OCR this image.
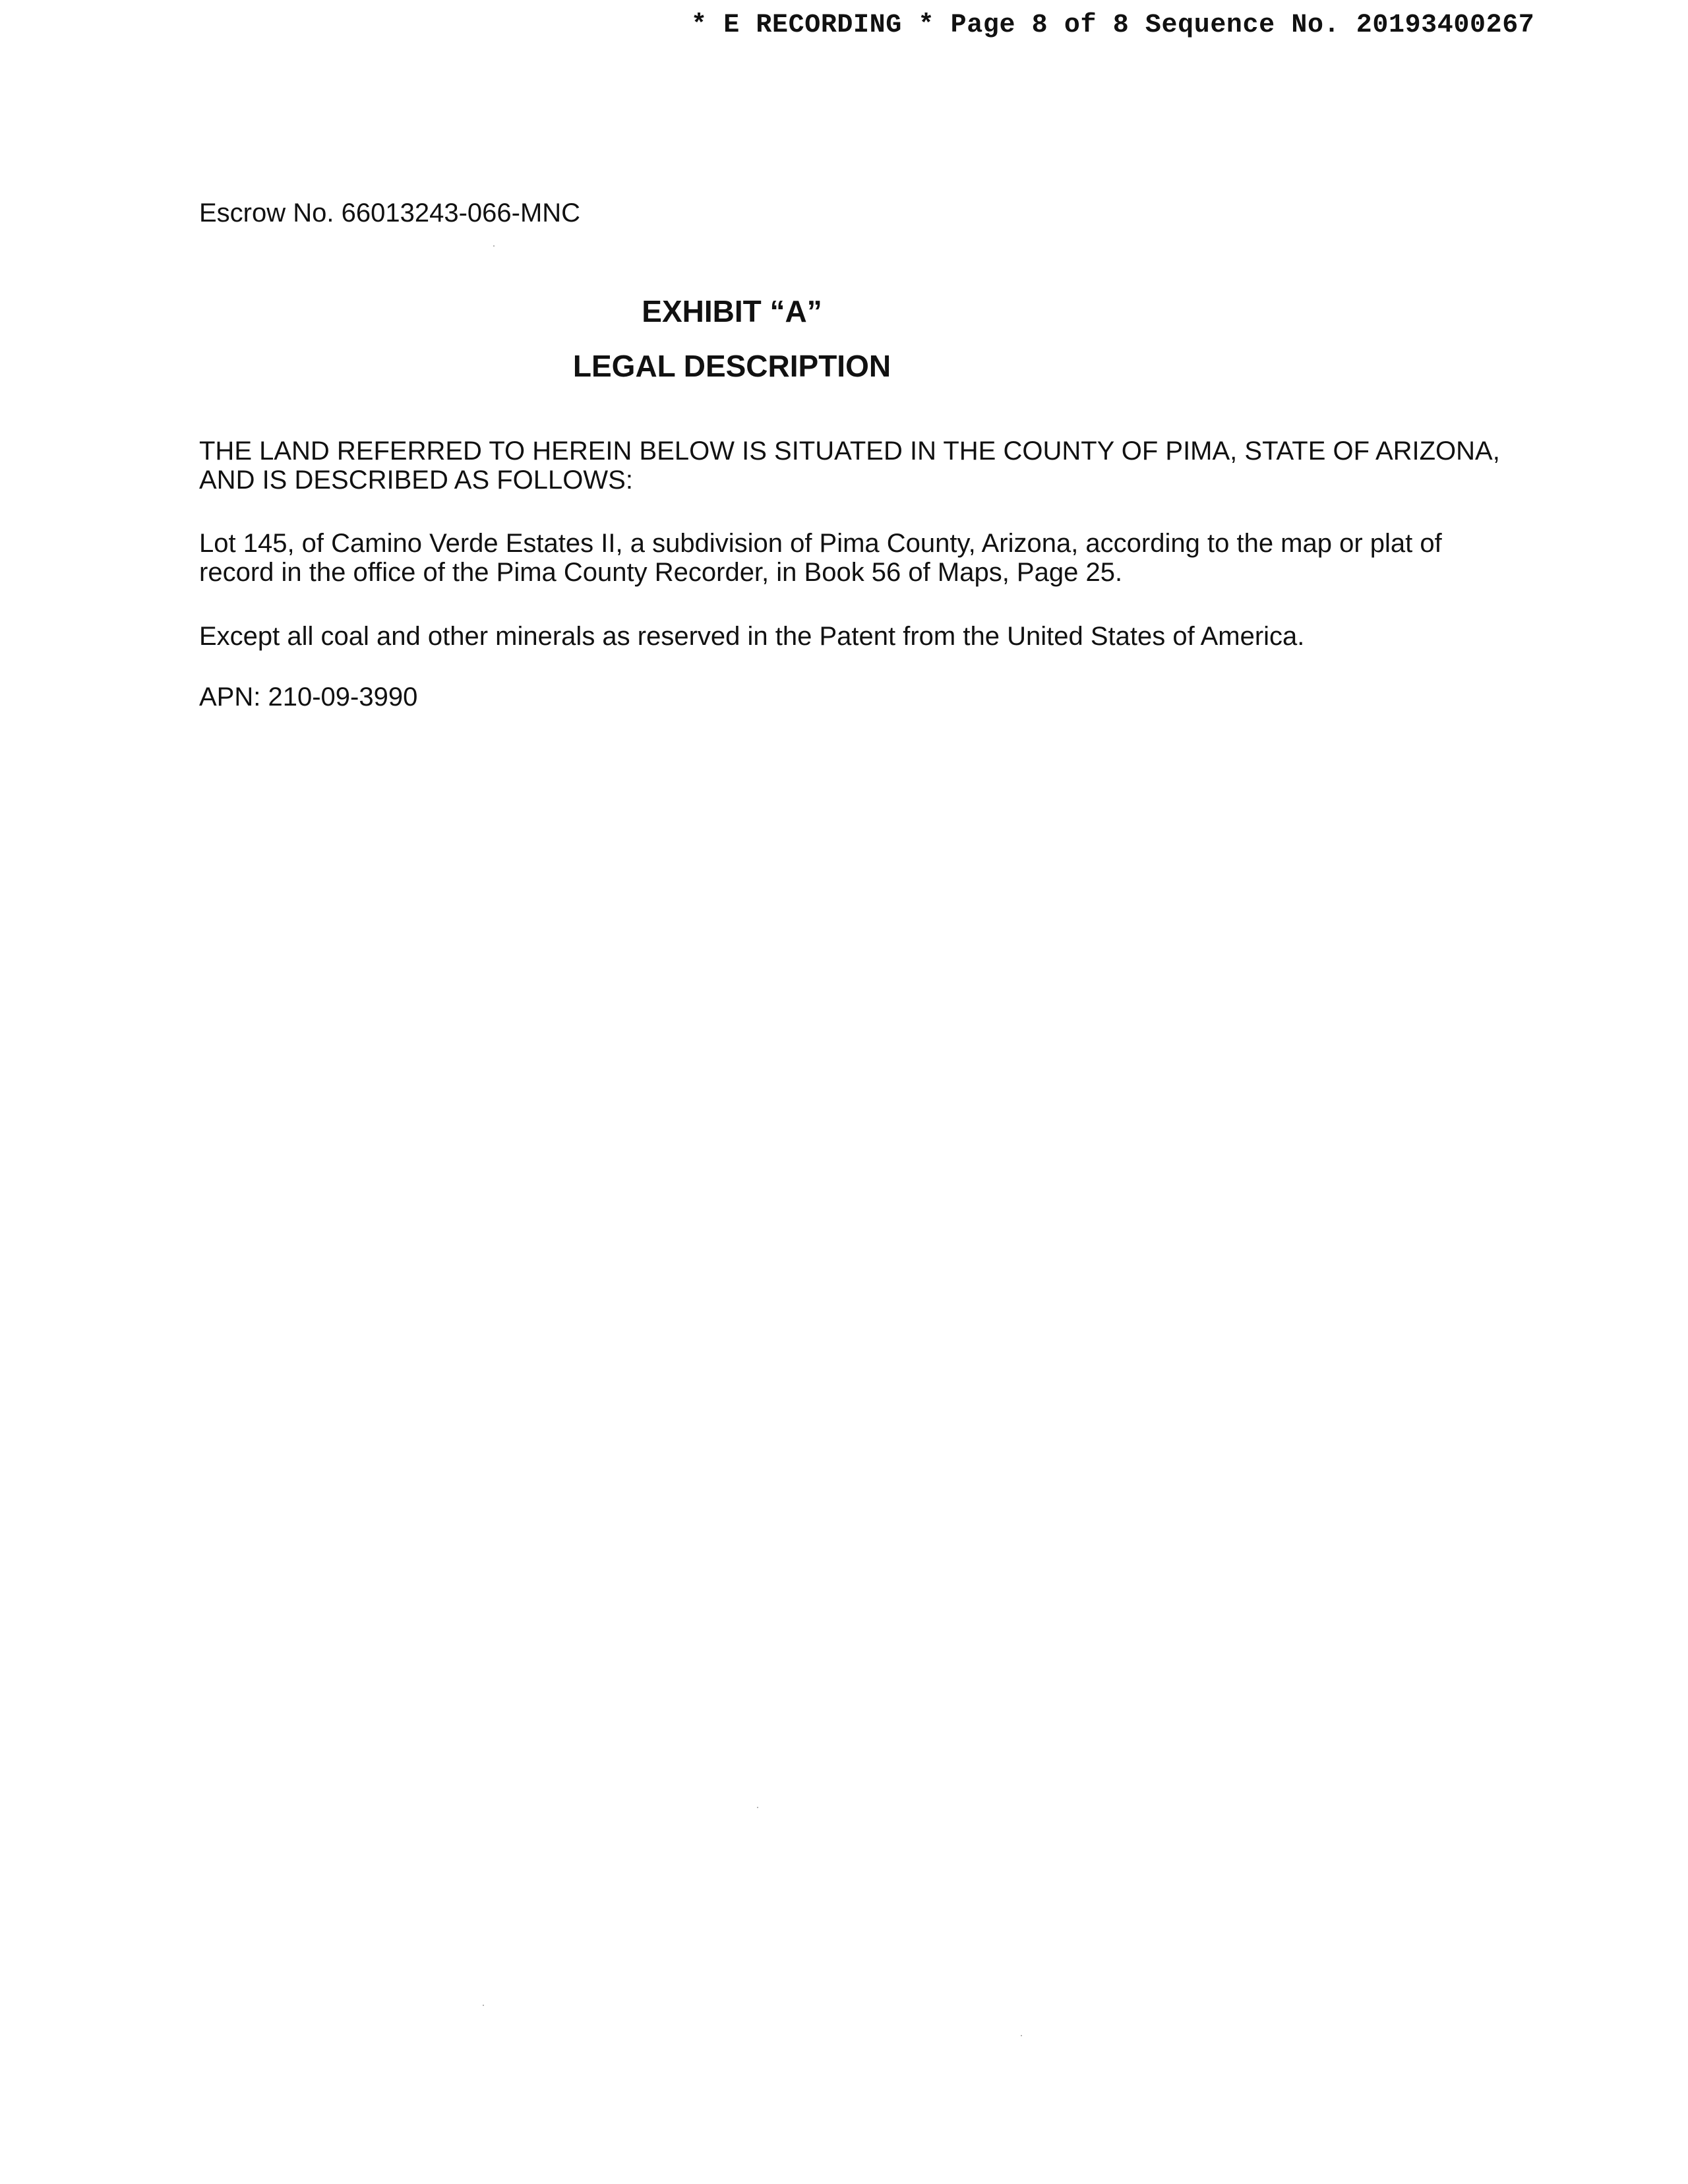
* E RECORDING * Page 8 of 8 Sequence No. 20193400267
Escrow No. 66013243-066-MNC
EXHIBIT “A”
LEGAL DESCRIPTION
THE LAND REFERRED TO HEREIN BELOW IS SITUATED IN THE COUNTY OF PIMA, STATE OF ARIZONA, AND IS DESCRIBED AS FOLLOWS:
Lot 145, of Camino Verde Estates II, a subdivision of Pima County, Arizona, according to the map or plat of record in the office of the Pima County Recorder, in Book 56 of Maps, Page 25.
Except all coal and other minerals as reserved in the Patent from the United States of America.
APN: 210-09-3990
